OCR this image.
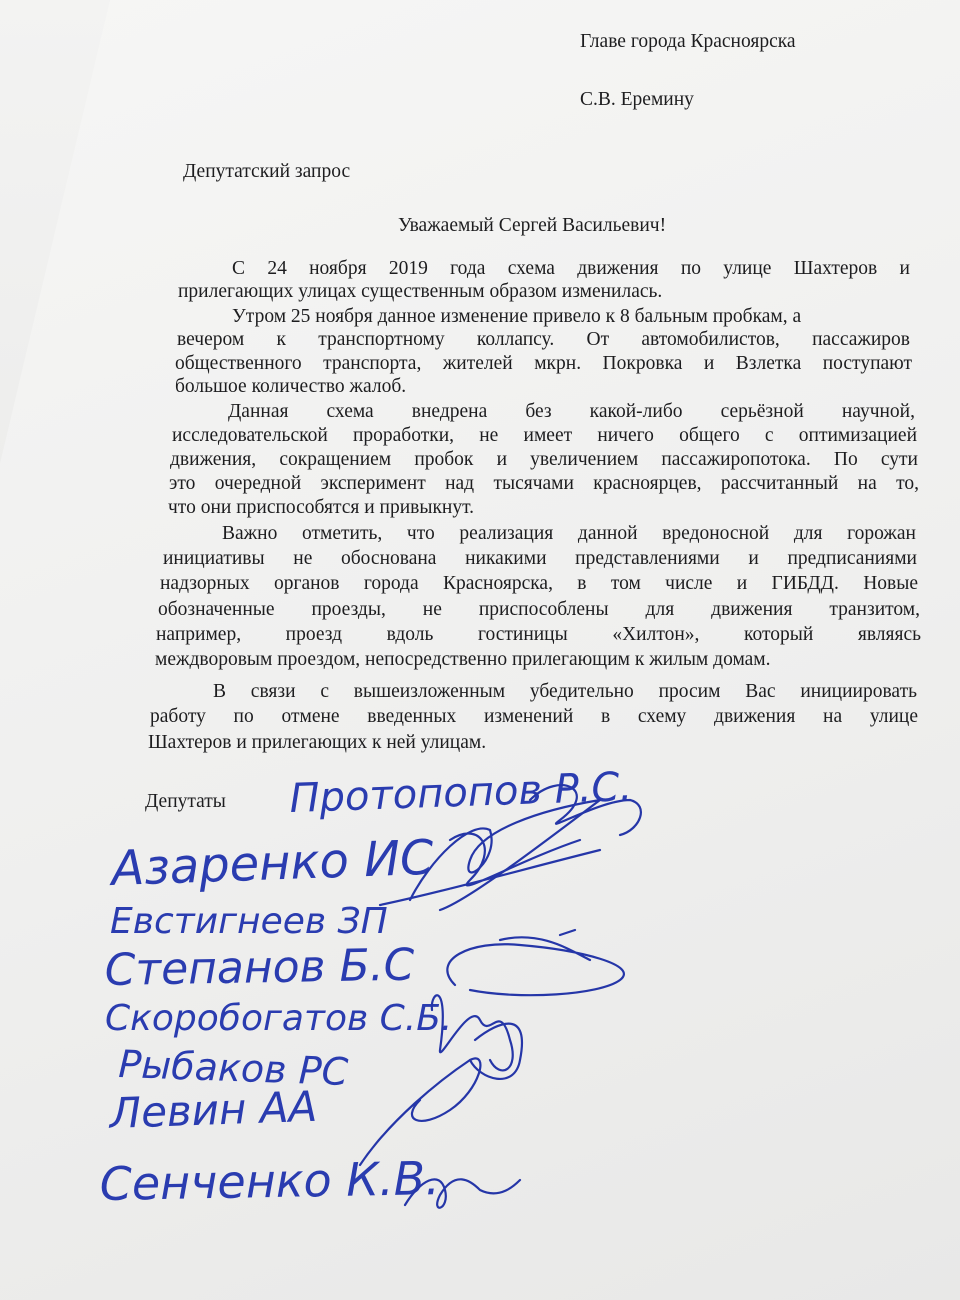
Главе города Красноярска
С.В. Еремину
Депутатский запрос
Уважаемый Сергей Васильевич!
С 24 ноября 2019 года схема движения по улице Шахтеров и
прилегающих улицах существенным образом изменилась.
Утром 25 ноября данное изменение привело к 8 бальным пробкам, а
вечером к транспортному коллапсу. От автомобилистов, пассажиров
общественного транспорта, жителей мкрн. Покровка и Взлетка поступают
большое количество жалоб.
Данная схема внедрена без какой-либо серьёзной научной,
исследовательской проработки, не имеет ничего общего с оптимизацией
движения, сокращением пробок и увеличением пассажиропотока. По сути
это очередной эксперимент над тысячами красноярцев, рассчитанный на то,
что они приспособятся и привыкнут.
Важно отметить, что реализация данной вредоносной для горожан
инициативы не обоснована никакими представлениями и предписаниями
надзорных органов города Красноярска, в том числе и ГИБДД. Новые
обозначенные проезды, не приспособлены для движения транзитом,
например, проезд вдоль гостиницы «Хилтон», который являясь
междворовым проездом, непосредственно прилегающим к жилым домам.
В связи с вышеизложенным убедительно просим Вас инициировать
работу по отмене введенных изменений в схему движения на улице
Шахтеров и прилегающих к ней улицам.
Депутаты Протопопов Р.С.
Азаренко ИС
Евстигнеев ЗП
Степанов Б.С
Скоробогатов С.Б.
Рыбаков РС
Левин АА
Сенченко К.В.
